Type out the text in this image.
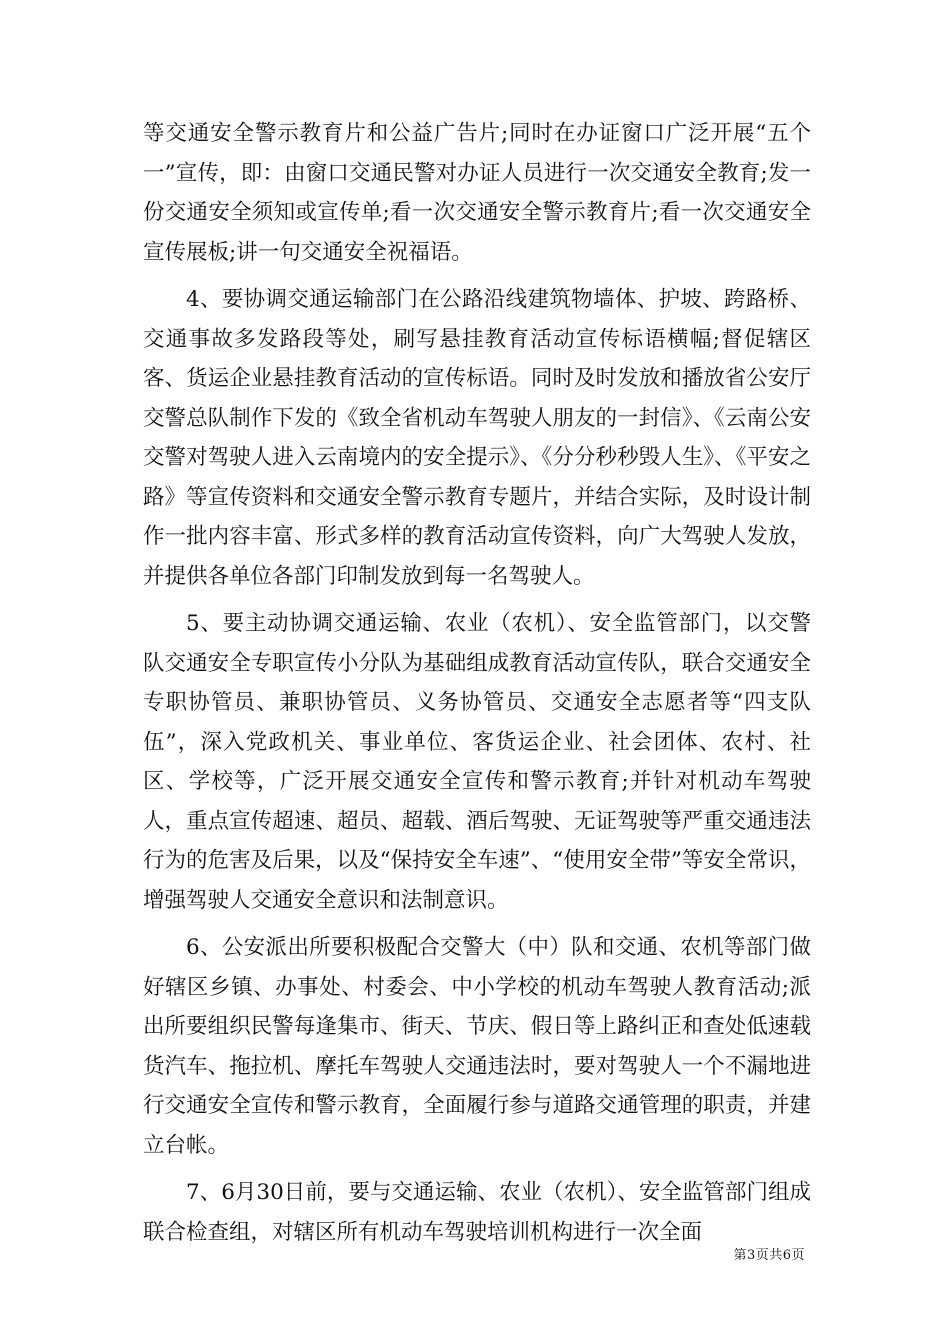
等交通安全警示教育片和公益广告片;同时在办证窗口广泛开展“五个一”宣传，即：由窗口交通民警对办证人员进行一次交通安全教育;发一份交通安全须知或宣传单;看一次交通安全警示教育片;看一次交通安全宣传展板;讲一句交通安全祝福语。

4、要协调交通运输部门在公路沿线建筑物墙体、护坡、跨路桥、交通事故多发路段等处，刷写悬挂教育活动宣传标语横幅;督促辖区客、货运企业悬挂教育活动的宣传标语。同时及时发放和播放省公安厅交警总队制作下发的《致全省机动车驾驶人朋友的一封信》、《云南公安交警对驾驶人进入云南境内的安全提示》、《分分秒秒毁人生》、《平安之路》等宣传资料和交通安全警示教育专题片，并结合实际，及时设计制作一批内容丰富、形式多样的教育活动宣传资料，向广大驾驶人发放，并提供各单位各部门印制发放到每一名驾驶人。

5、要主动协调交通运输、农业（农机）、安全监管部门，以交警队交通安全专职宣传小分队为基础组成教育活动宣传队，联合交通安全专职协管员、兼职协管员、义务协管员、交通安全志愿者等“四支队伍”，深入党政机关、事业单位、客货运企业、社会团体、农村、社区、学校等，广泛开展交通安全宣传和警示教育;并针对机动车驾驶人，重点宣传超速、超员、超载、酒后驾驶、无证驾驶等严重交通违法行为的危害及后果，以及“保持安全车速”、“使用安全带”等安全常识，增强驾驶人交通安全意识和法制意识。

6、公安派出所要积极配合交警大（中）队和交通、农机等部门做好辖区乡镇、办事处、村委会、中小学校的机动车驾驶人教育活动;派出所要组织民警每逢集市、街天、节庆、假日等上路纠正和查处低速载货汽车、拖拉机、摩托车驾驶人交通违法时，要对驾驶人一个不漏地进行交通安全宣传和警示教育，全面履行参与道路交通管理的职责，并建立台帐。

7、6月30日前，要与交通运输、农业（农机）、安全监管部门组成联合检查组，对辖区所有机动车驾驶培训机构进行一次全面

第3页共6页
